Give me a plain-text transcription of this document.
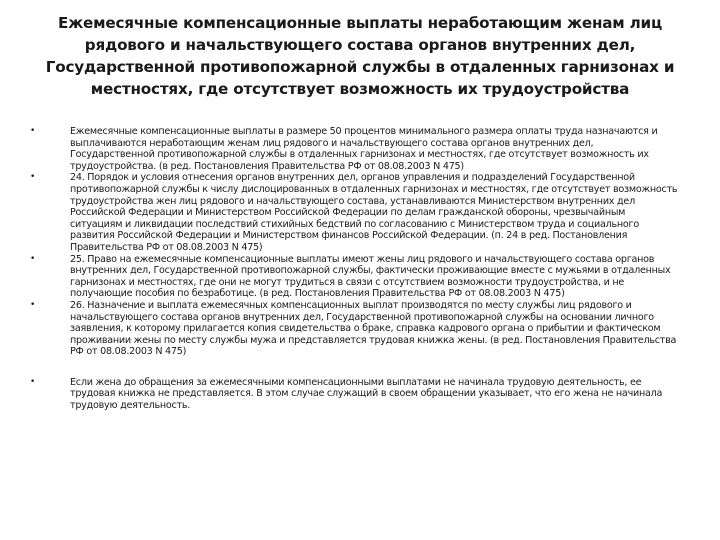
Ежемесячные компенсационные выплаты неработающим женам лиц рядового и начальствующего состава органов внутренних дел, Государственной противопожарной службы в отдаленных гарнизонах и местностях, где отсутствует возможность их трудоустройства
•	Ежемесячные компенсационные выплаты в размере 50 процентов минимального размера оплаты труда назначаются и выплачиваются неработающим женам лиц рядового и начальствующего состава органов внутренних дел, Государственной противопожарной службы в отдаленных гарнизонах и местностях, где отсутствует возможность их трудоустройства. (в ред. Постановления Правительства РФ от 08.08.2003 N 475)
•	24. Порядок и условия отнесения органов внутренних дел, органов управления и подразделений Государственной противопожарной службы к числу дислоцированных в отдаленных гарнизонах и местностях, где отсутствует возможность трудоустройства жен лиц рядового и начальствующего состава, устанавливаются Министерством внутренних дел Российской Федерации и Министерством Российской Федерации по делам гражданской обороны, чрезвычайным ситуациям и ликвидации последствий стихийных бедствий по согласованию с Министерством труда и социального развития Российской Федерации и Министерством финансов Российской Федерации. (п. 24 в ред. Постановления Правительства РФ от 08.08.2003 N 475)
•	25. Право на ежемесячные компенсационные выплаты имеют жены лиц рядового и начальствующего состава органов внутренних дел, Государственной противопожарной службы, фактически проживающие вместе с мужьями в отдаленных гарнизонах и местностях, где они не могут трудиться в связи с отсутствием возможности трудоустройства, и не получающие пособия по безработице. (в ред. Постановления Правительства РФ от 08.08.2003 N 475)
•	26. Назначение и выплата ежемесячных компенсационных выплат производятся по месту службы лиц рядового и начальствующего состава органов внутренних дел, Государственной противопожарной службы на основании личного заявления, к которому прилагается копия свидетельства о браке, справка кадрового органа о прибытии и фактическом проживании жены по месту службы мужа и представляется трудовая книжка жены. (в ред. Постановления Правительства РФ от 08.08.2003 N 475)
•	Если жена до обращения за ежемесячными компенсационными выплатами не начинала трудовую деятельность, ее трудовая книжка не представляется. В этом случае служащий в своем обращении указывает, что его жена не начинала трудовую деятельность.
